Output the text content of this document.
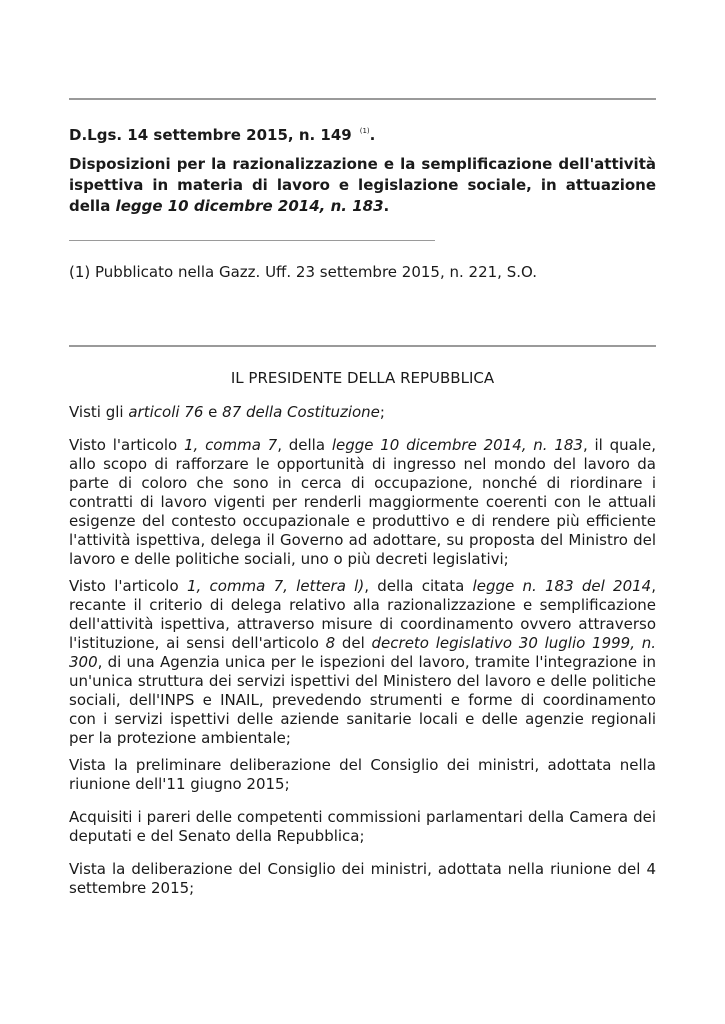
D.Lgs. 14 settembre 2015, n. 149 $^{(1)}$.
Disposizioni per la razionalizzazione e la semplificazione dell'attività ispettiva in materia di lavoro e legislazione sociale, in attuazione della legge 10 dicembre 2014, n. 183.
(1) Pubblicato nella Gazz. Uff. 23 settembre 2015, n. 221, S.O.
IL PRESIDENTE DELLA REPUBBLICA
Visti gli articoli 76 e 87 della Costituzione;
Visto l'articolo 1, comma 7, della legge 10 dicembre 2014, n. 183, il quale, allo scopo di rafforzare le opportunità di ingresso nel mondo del lavoro da parte di coloro che sono in cerca di occupazione, nonché di riordinare i contratti di lavoro vigenti per renderli maggiormente coerenti con le attuali esigenze del contesto occupazionale e produttivo e di rendere più efficiente l'attività ispettiva, delega il Governo ad adottare, su proposta del Ministro del lavoro e delle politiche sociali, uno o più decreti legislativi;
Visto l'articolo 1, comma 7, lettera l), della citata legge n. 183 del 2014, recante il criterio di delega relativo alla razionalizzazione e semplificazione dell'attività ispettiva, attraverso misure di coordinamento ovvero attraverso l'istituzione, ai sensi dell'articolo 8 del decreto legislativo 30 luglio 1999, n. 300, di una Agenzia unica per le ispezioni del lavoro, tramite l'integrazione in un'unica struttura dei servizi ispettivi del Ministero del lavoro e delle politiche sociali, dell'INPS e INAIL, prevedendo strumenti e forme di coordinamento con i servizi ispettivi delle aziende sanitarie locali e delle agenzie regionali per la protezione ambientale;
Vista la preliminare deliberazione del Consiglio dei ministri, adottata nella riunione dell'11 giugno 2015;
Acquisiti i pareri delle competenti commissioni parlamentari della Camera dei deputati e del Senato della Repubblica;
Vista la deliberazione del Consiglio dei ministri, adottata nella riunione del 4 settembre 2015;
